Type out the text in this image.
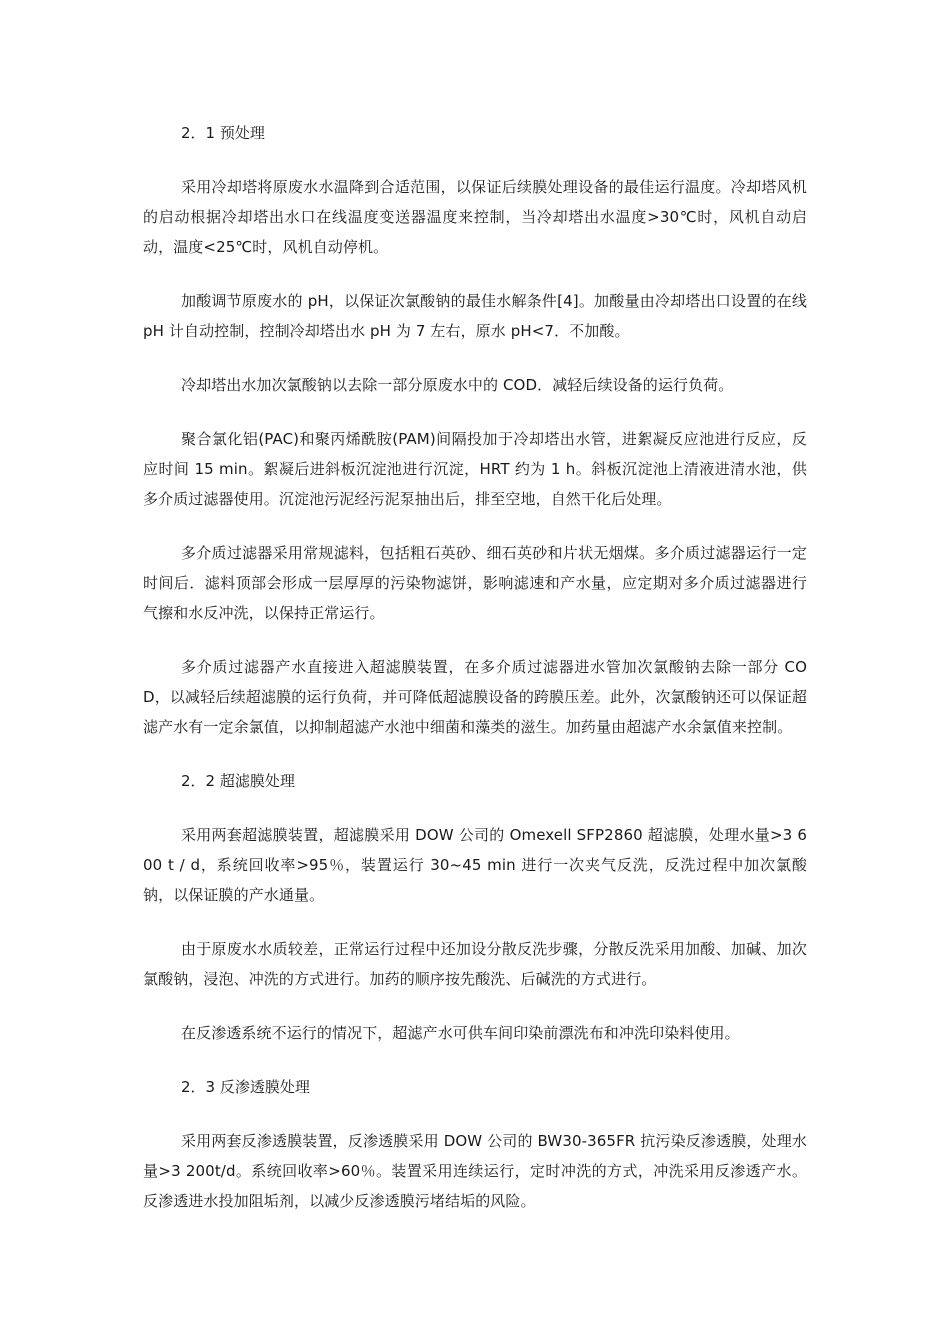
2．1 预处理

采用冷却塔将原废水水温降到合适范围，以保证后续膜处理设备的最佳运行温度。冷却塔风机的启动根据冷却塔出水口在线温度变送器温度来控制，当冷却塔出水温度>30℃时，风机自动启动，温度<25℃时，风机自动停机。

加酸调节原废水的 pH，以保证次氯酸钠的最佳水解条件[4]。加酸量由冷却塔出口设置的在线 pH 计自动控制，控制冷却塔出水 pH 为 7 左右，原水 pH<7．不加酸。

冷却塔出水加次氯酸钠以去除一部分原废水中的 COD．减轻后续设备的运行负荷。

聚合氯化铝(PAC)和聚丙烯酰胺(PAM)间隔投加于冷却塔出水管，进絮凝反应池进行反应，反应时间 15 min。絮凝后进斜板沉淀池进行沉淀，HRT 约为 1 h。斜板沉淀池上清液进清水池，供多介质过滤器使用。沉淀池污泥经污泥泵抽出后，排至空地，自然干化后处理。

多介质过滤器采用常规滤料，包括粗石英砂、细石英砂和片状无烟煤。多介质过滤器运行一定时间后．滤料顶部会形成一层厚厚的污染物滤饼，影响滤速和产水量，应定期对多介质过滤器进行气擦和水反冲洗，以保持正常运行。

多介质过滤器产水直接进入超滤膜装置，在多介质过滤器进水管加次氯酸钠去除一部分 COD，以减轻后续超滤膜的运行负荷，并可降低超滤膜设备的跨膜压差。此外，次氯酸钠还可以保证超滤产水有一定余氯值，以抑制超滤产水池中细菌和藻类的滋生。加药量由超滤产水余氯值来控制。

2．2 超滤膜处理

采用两套超滤膜装置，超滤膜采用 DOW 公司的 Omexell SFP2860 超滤膜，处理水量>3 600 t / d，系统回收率>95％，装置运行 30~45 min 进行一次夹气反洗，反洗过程中加次氯酸钠，以保证膜的产水通量。

由于原废水水质较差，正常运行过程中还加设分散反洗步骤，分散反洗采用加酸、加碱、加次氯酸钠，浸泡、冲洗的方式进行。加药的顺序按先酸洗、后碱洗的方式进行。

在反渗透系统不运行的情况下，超滤产水可供车间印染前漂洗布和冲洗印染料使用。

2．3 反渗透膜处理

采用两套反渗透膜装置，反渗透膜采用 DOW 公司的 BW30-365FR 抗污染反渗透膜，处理水量>3 200t/d。系统回收率>60％。装置采用连续运行，定时冲洗的方式，冲洗采用反渗透产水。反渗透进水投加阻垢剂，以减少反渗透膜污堵结垢的风险。
